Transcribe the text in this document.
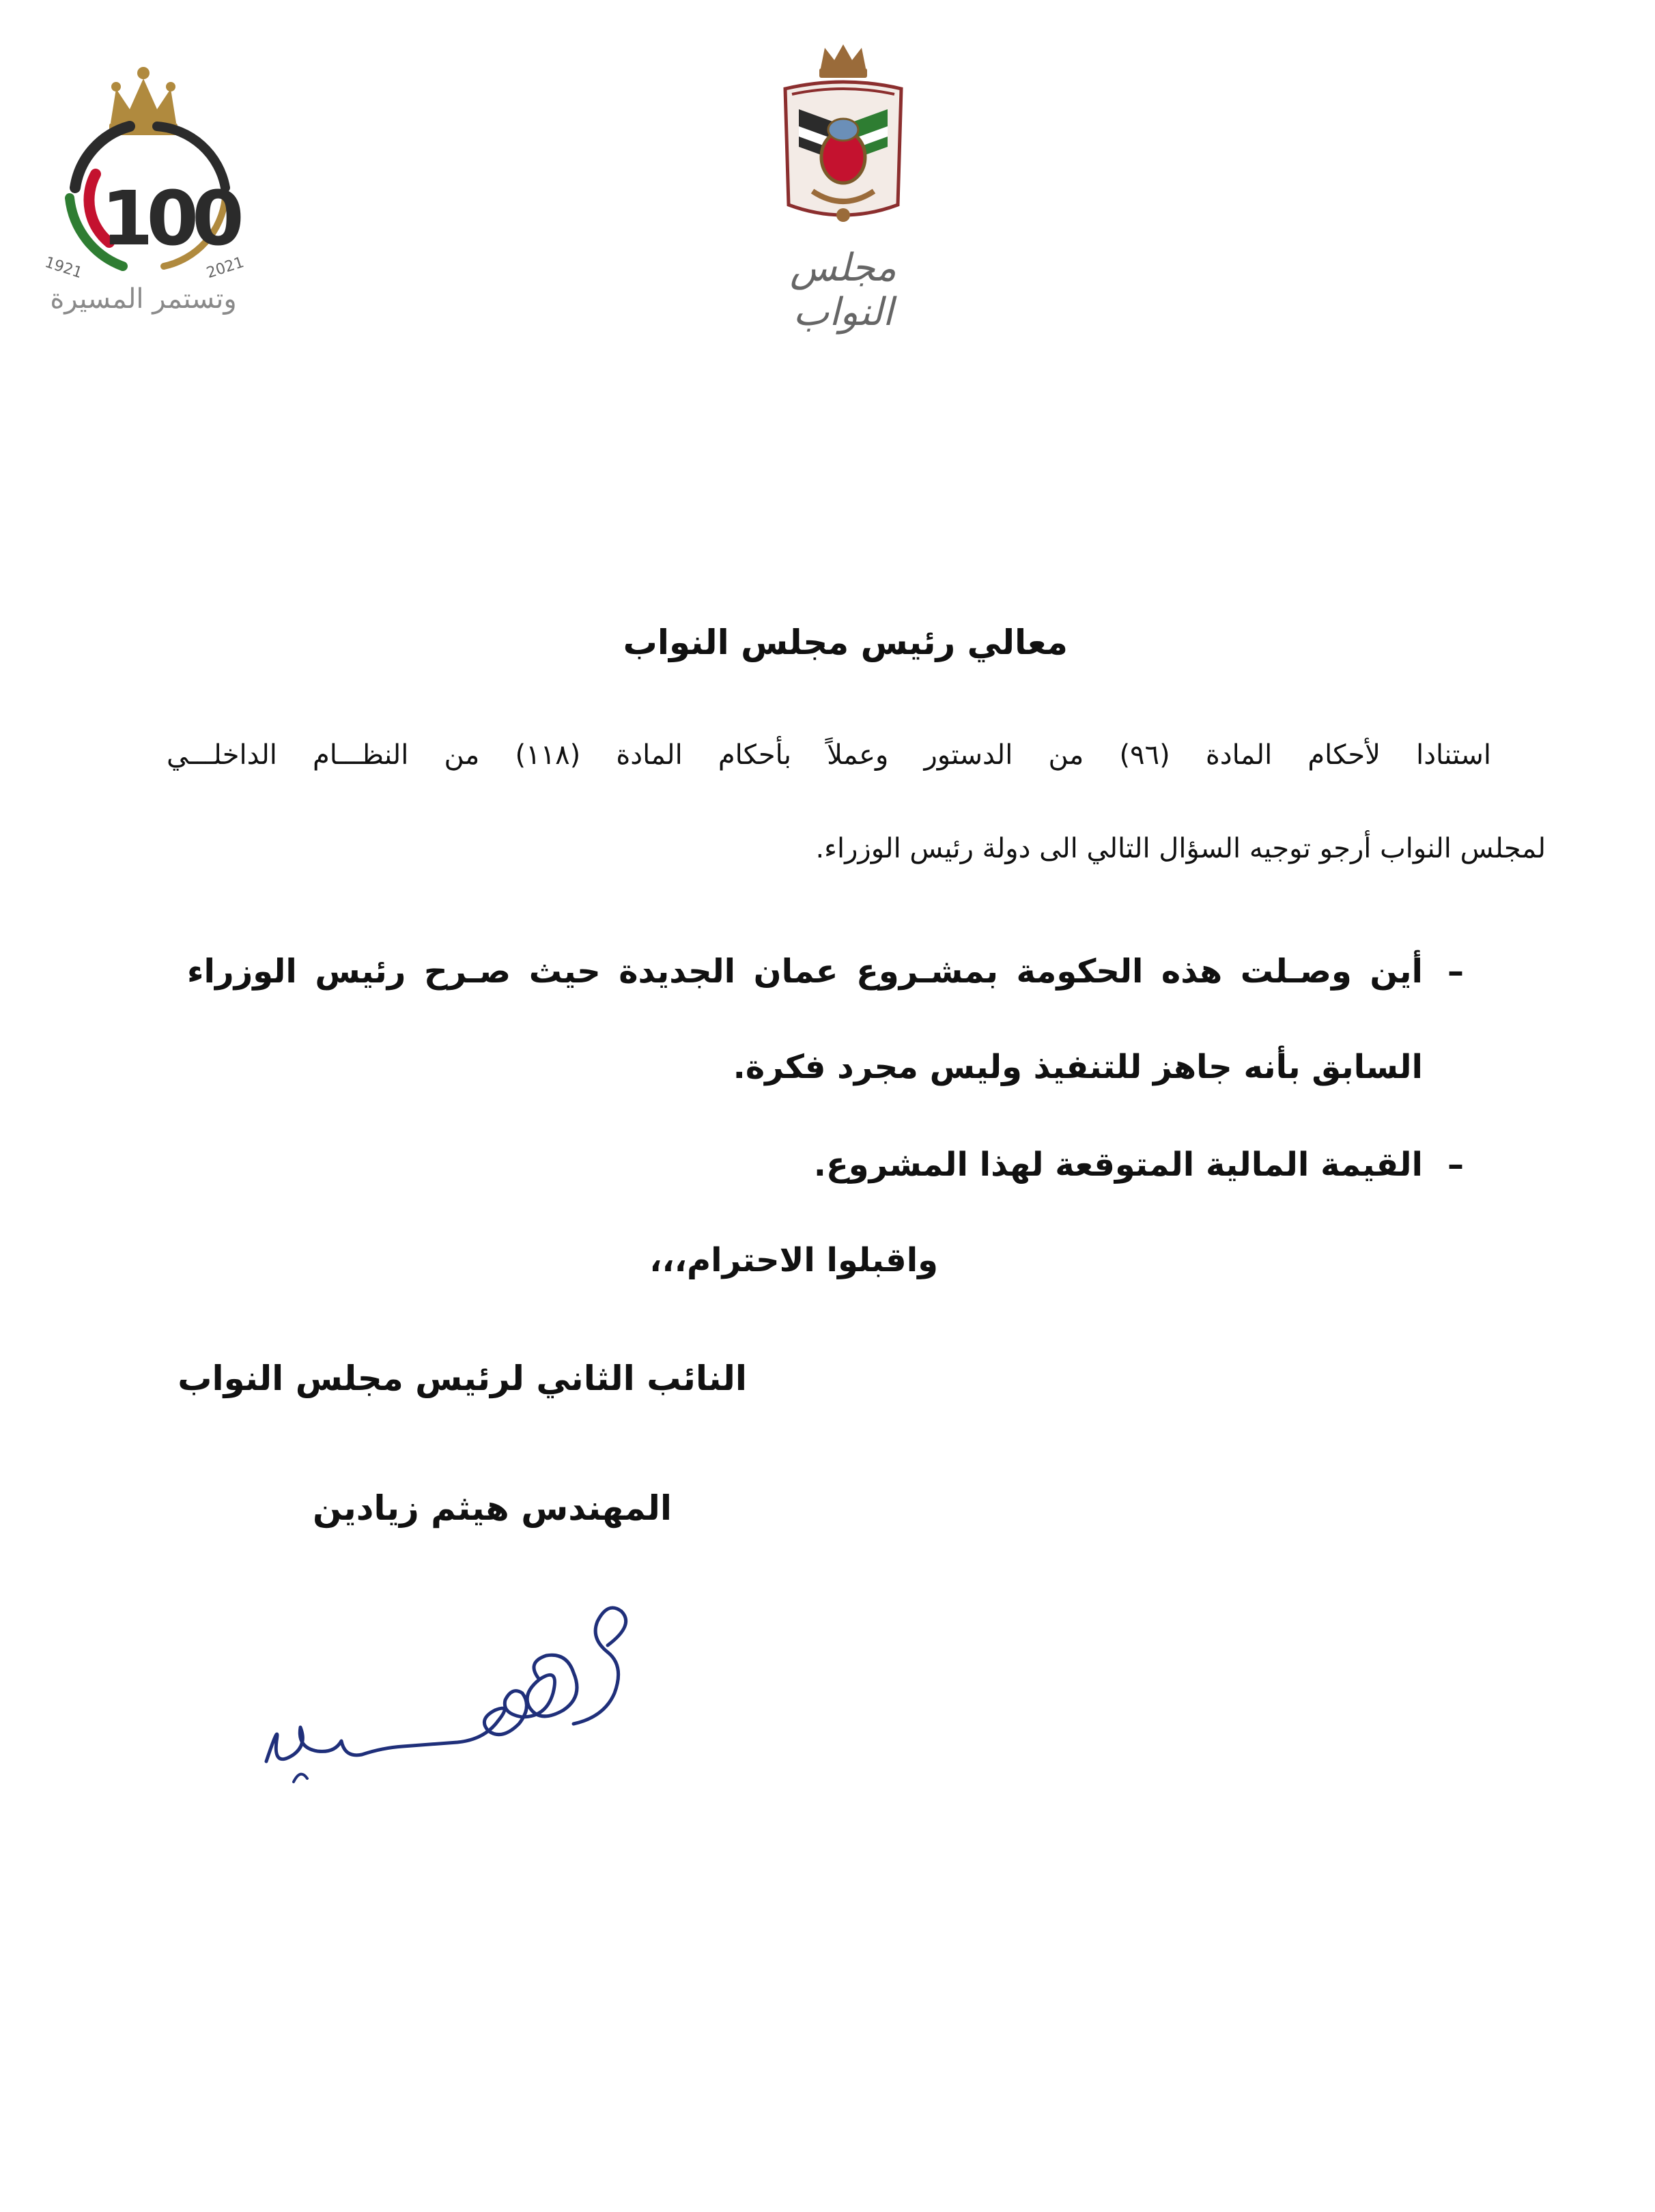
100
1921	2021
وتستمر المسيرة
مجلس النواب
معالي رئيس مجلس النواب
استنادا لأحكام المادة (٩٦) من الدستور وعملاً بأحكام المادة (١١٨) من النظـــام الداخلـــي
لمجلس النواب أرجو توجيه السؤال التالي الى دولة رئيس الوزراء.
–
أين وصـلت هذه الحكومة بمشـروع عمان الجديدة حيث صـرح رئيس الوزراء
السابق بأنه جاهز للتنفيذ وليس مجرد فكرة.
–
القيمة المالية المتوقعة لهذا المشروع.
واقبلوا الاحترام،،،
النائب الثاني لرئيس مجلس النواب
المهندس هيثم زيادين
